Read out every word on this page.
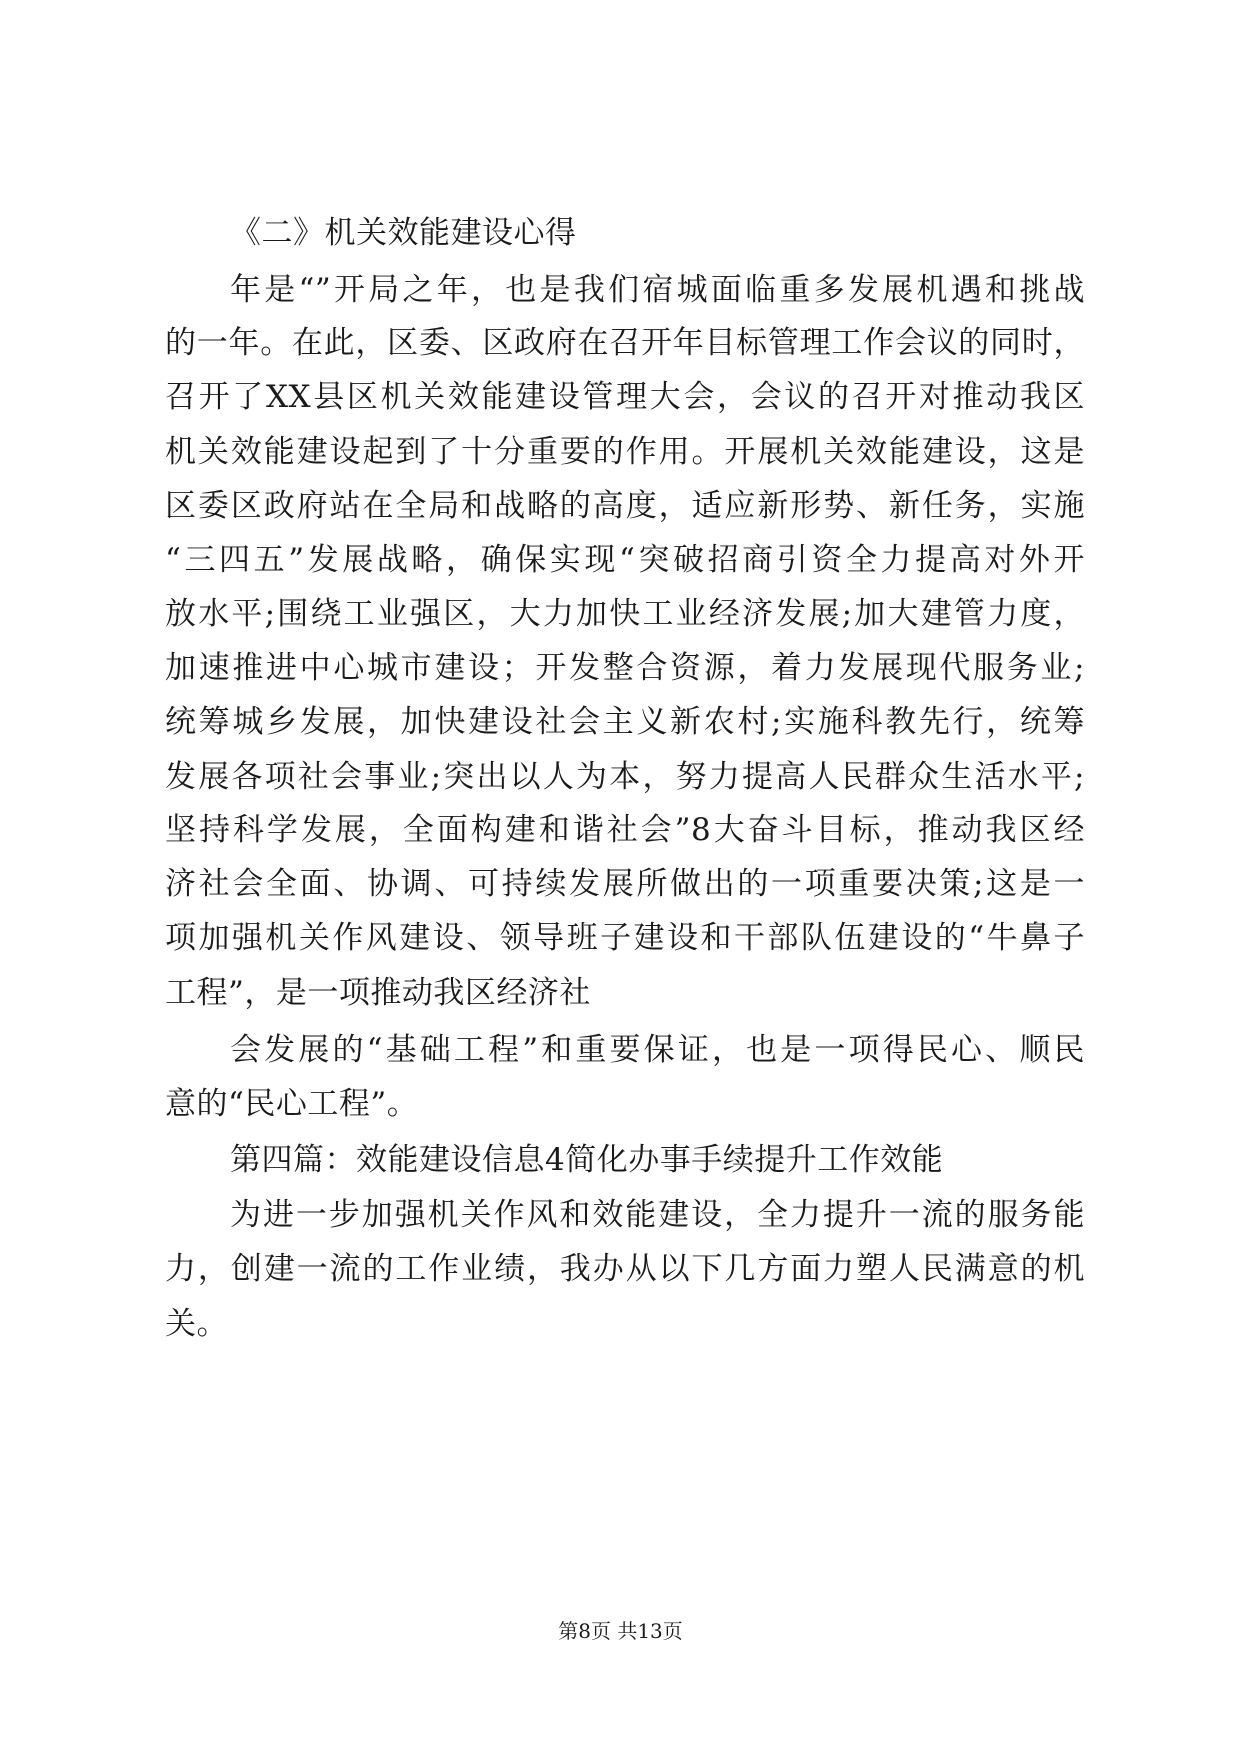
《二》机关效能建设心得
年是“”开局之年，也是我们宿城面临重多发展机遇和挑战
的一年。在此，区委、区政府在召开年目标管理工作会议的同时，
召开了XX县区机关效能建设管理大会，会议的召开对推动我区
机关效能建设起到了十分重要的作用。开展机关效能建设，这是
区委区政府站在全局和战略的高度，适应新形势、新任务，实施
“三四五”发展战略，确保实现“突破招商引资全力提高对外开
放水平;围绕工业强区，大力加快工业经济发展;加大建管力度，
加速推进中心城市建设；开发整合资源，着力发展现代服务业;
统筹城乡发展，加快建设社会主义新农村;实施科教先行，统筹
发展各项社会事业;突出以人为本，努力提高人民群众生活水平;
坚持科学发展，全面构建和谐社会”8大奋斗目标，推动我区经
济社会全面、协调、可持续发展所做出的一项重要决策;这是一
项加强机关作风建设、领导班子建设和干部队伍建设的“牛鼻子
工程”，是一项推动我区经济社
会发展的“基础工程”和重要保证，也是一项得民心、顺民
意的“民心工程”。
第四篇：效能建设信息4简化办事手续提升工作效能
为进一步加强机关作风和效能建设，全力提升一流的服务能
力，创建一流的工作业绩，我办从以下几方面力塑人民满意的机
关。
第8页 共13页
